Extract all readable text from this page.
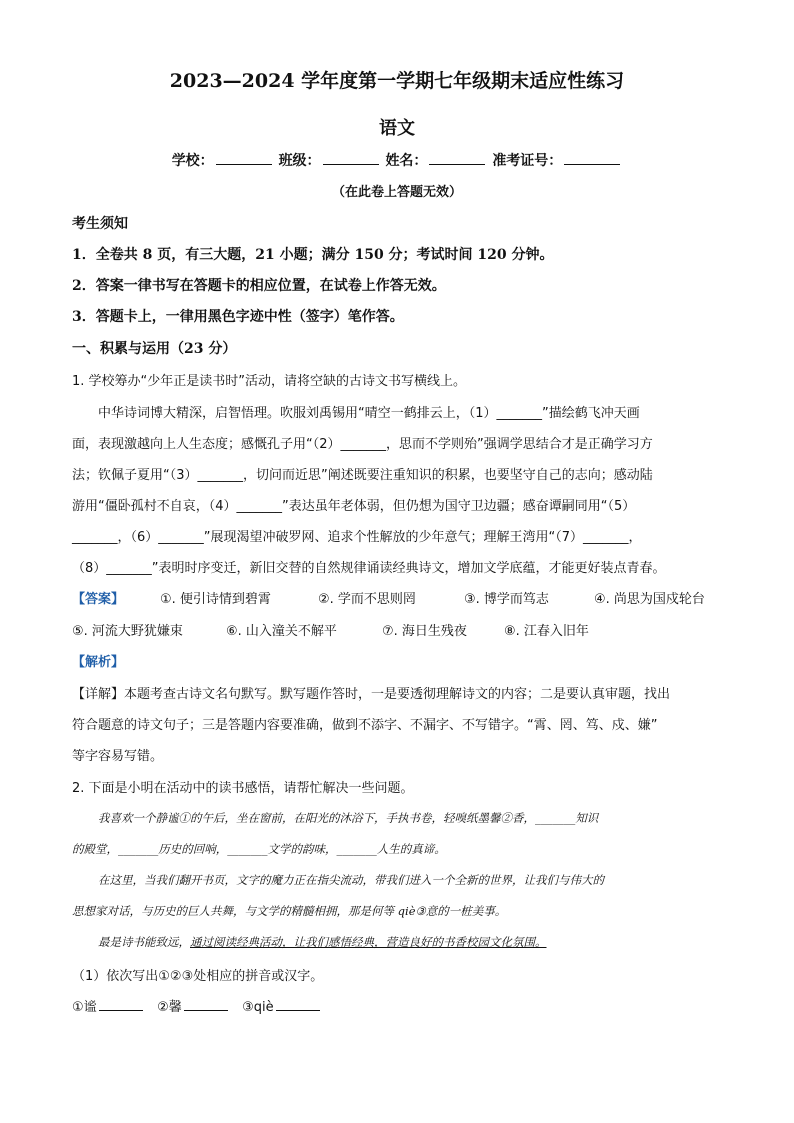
2023—2024 学年度第一学期七年级期末适应性练习
语文
学校：	班级：	姓名：	准考证号：
（在此卷上答题无效）
考生须知
1．全卷共 8 页，有三大题，21 小题；满分 150 分；考试时间 120 分钟。
2．答案一律书写在答题卡的相应位置，在试卷上作答无效。
3．答题卡上，一律用黑色字迹中性（签字）笔作答。
一、积累与运用（23 分）
1. 学校筹办“少年正是读书时”活动，请将空缺的古诗文书写横线上。
中华诗词博大精深，启智悟理。吹服刘禹锡用“晴空一鹤排云上，（1）_______”描绘鹤飞冲天画
面，表现激越向上人生态度；感慨孔子用“（2）_______，思而不学则殆”强调学思结合才是正确学习方
法；钦佩子夏用“（3）_______，切问而近思”阐述既要注重知识的积累，也要坚守自己的志向；感动陆
游用“僵卧孤村不自哀，（4）_______”表达虽年老体弱，但仍想为国守卫边疆；感奋谭嗣同用“（5）
_______，（6）_______”展现渴望冲破罗网、追求个性解放的少年意气；理解王湾用“（7）_______，
（8）_______”表明时序变迁，新旧交替的自然规律诵读经典诗文，增加文学底蕴，才能更好装点青春。
【答案】	①. 便引诗情到碧霄	②. 学而不思则罔	③. 博学而笃志	④. 尚思为国戍轮台
⑤. 河流大野犹嫌束	⑥. 山入潼关不解平	⑦. 海日生残夜	⑧. 江春入旧年
【解析】
【详解】本题考查古诗文名句默写。默写题作答时，一是要透彻理解诗文的内容；二是要认真审题，找出
符合题意的诗文句子；三是答题内容要准确，做到不添字、不漏字、不写错字。“霄、罔、笃、戍、嫌”
等字容易写错。
2. 下面是小明在活动中的读书感悟，请帮忙解决一些问题。
我喜欢一个静谧①的午后，坐在窗前，在阳光的沐浴下，手执书卷，轻嗅纸墨馨②香，_______知识
的殿堂，_______历史的回响，_______文学的韵味，_______人生的真谛。
在这里，当我们翻开书页，文字的魔力正在指尖流动，带我们进入一个全新的世界，让我们与伟大的
思想家对话，与历史的巨人共舞，与文学的精髓相拥，那是何等 qiè③意的一桩美事。
最是诗书能致远，通过阅读经典活动，让我们感悟经典，营造良好的书香校园文化氛围。
（1）依次写出①②③处相应的拼音或汉字。
①谧	②馨	③qiè
